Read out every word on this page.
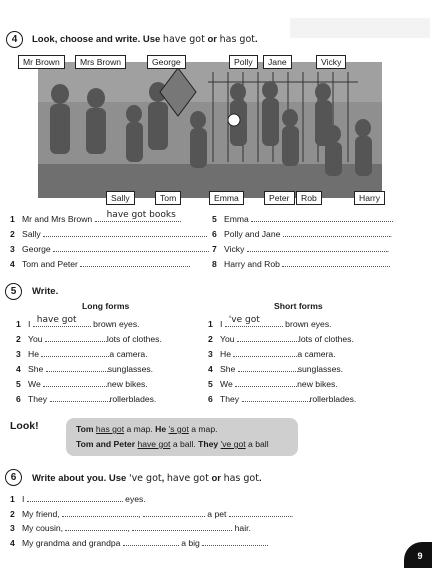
4	Look, choose and write. Use have got or has got.
Mr Brown	Mrs Brown	George	Polly	Jane	Vicky
Sally	Tom	Emma	Peter	Rob	Harry
1 Mr and Mrs Brown have got books
2 Sally
3 George
4 Tom and Peter
5 Emma	.
6 Polly and Jane	.
7 Vicky	.
8 Harry and Rob	.
5	Write.
Long forms	Short forms
1 I have got brown eyes.
2 You	lots of clothes.
3 He	a camera.
4 She	sunglasses.
5 We	new bikes.
6 They	rollerblades.
1 I 've got	brown eyes.
2 You	lots of clothes.
3 He	a camera.
4 She	sunglasses.
5 We	new bikes.
6 They	rollerblades.
Look!	Tom has got a map. He 's got a map.
Tom and Peter have got a ball. They 've got a ball
6	Write about you. Use 've got, have got or has got.
1 I	eyes.
2 My friend,	,	a pet	.
3 My cousin,	,	hair.
4 My grandma and grandpa	a big	.
9
